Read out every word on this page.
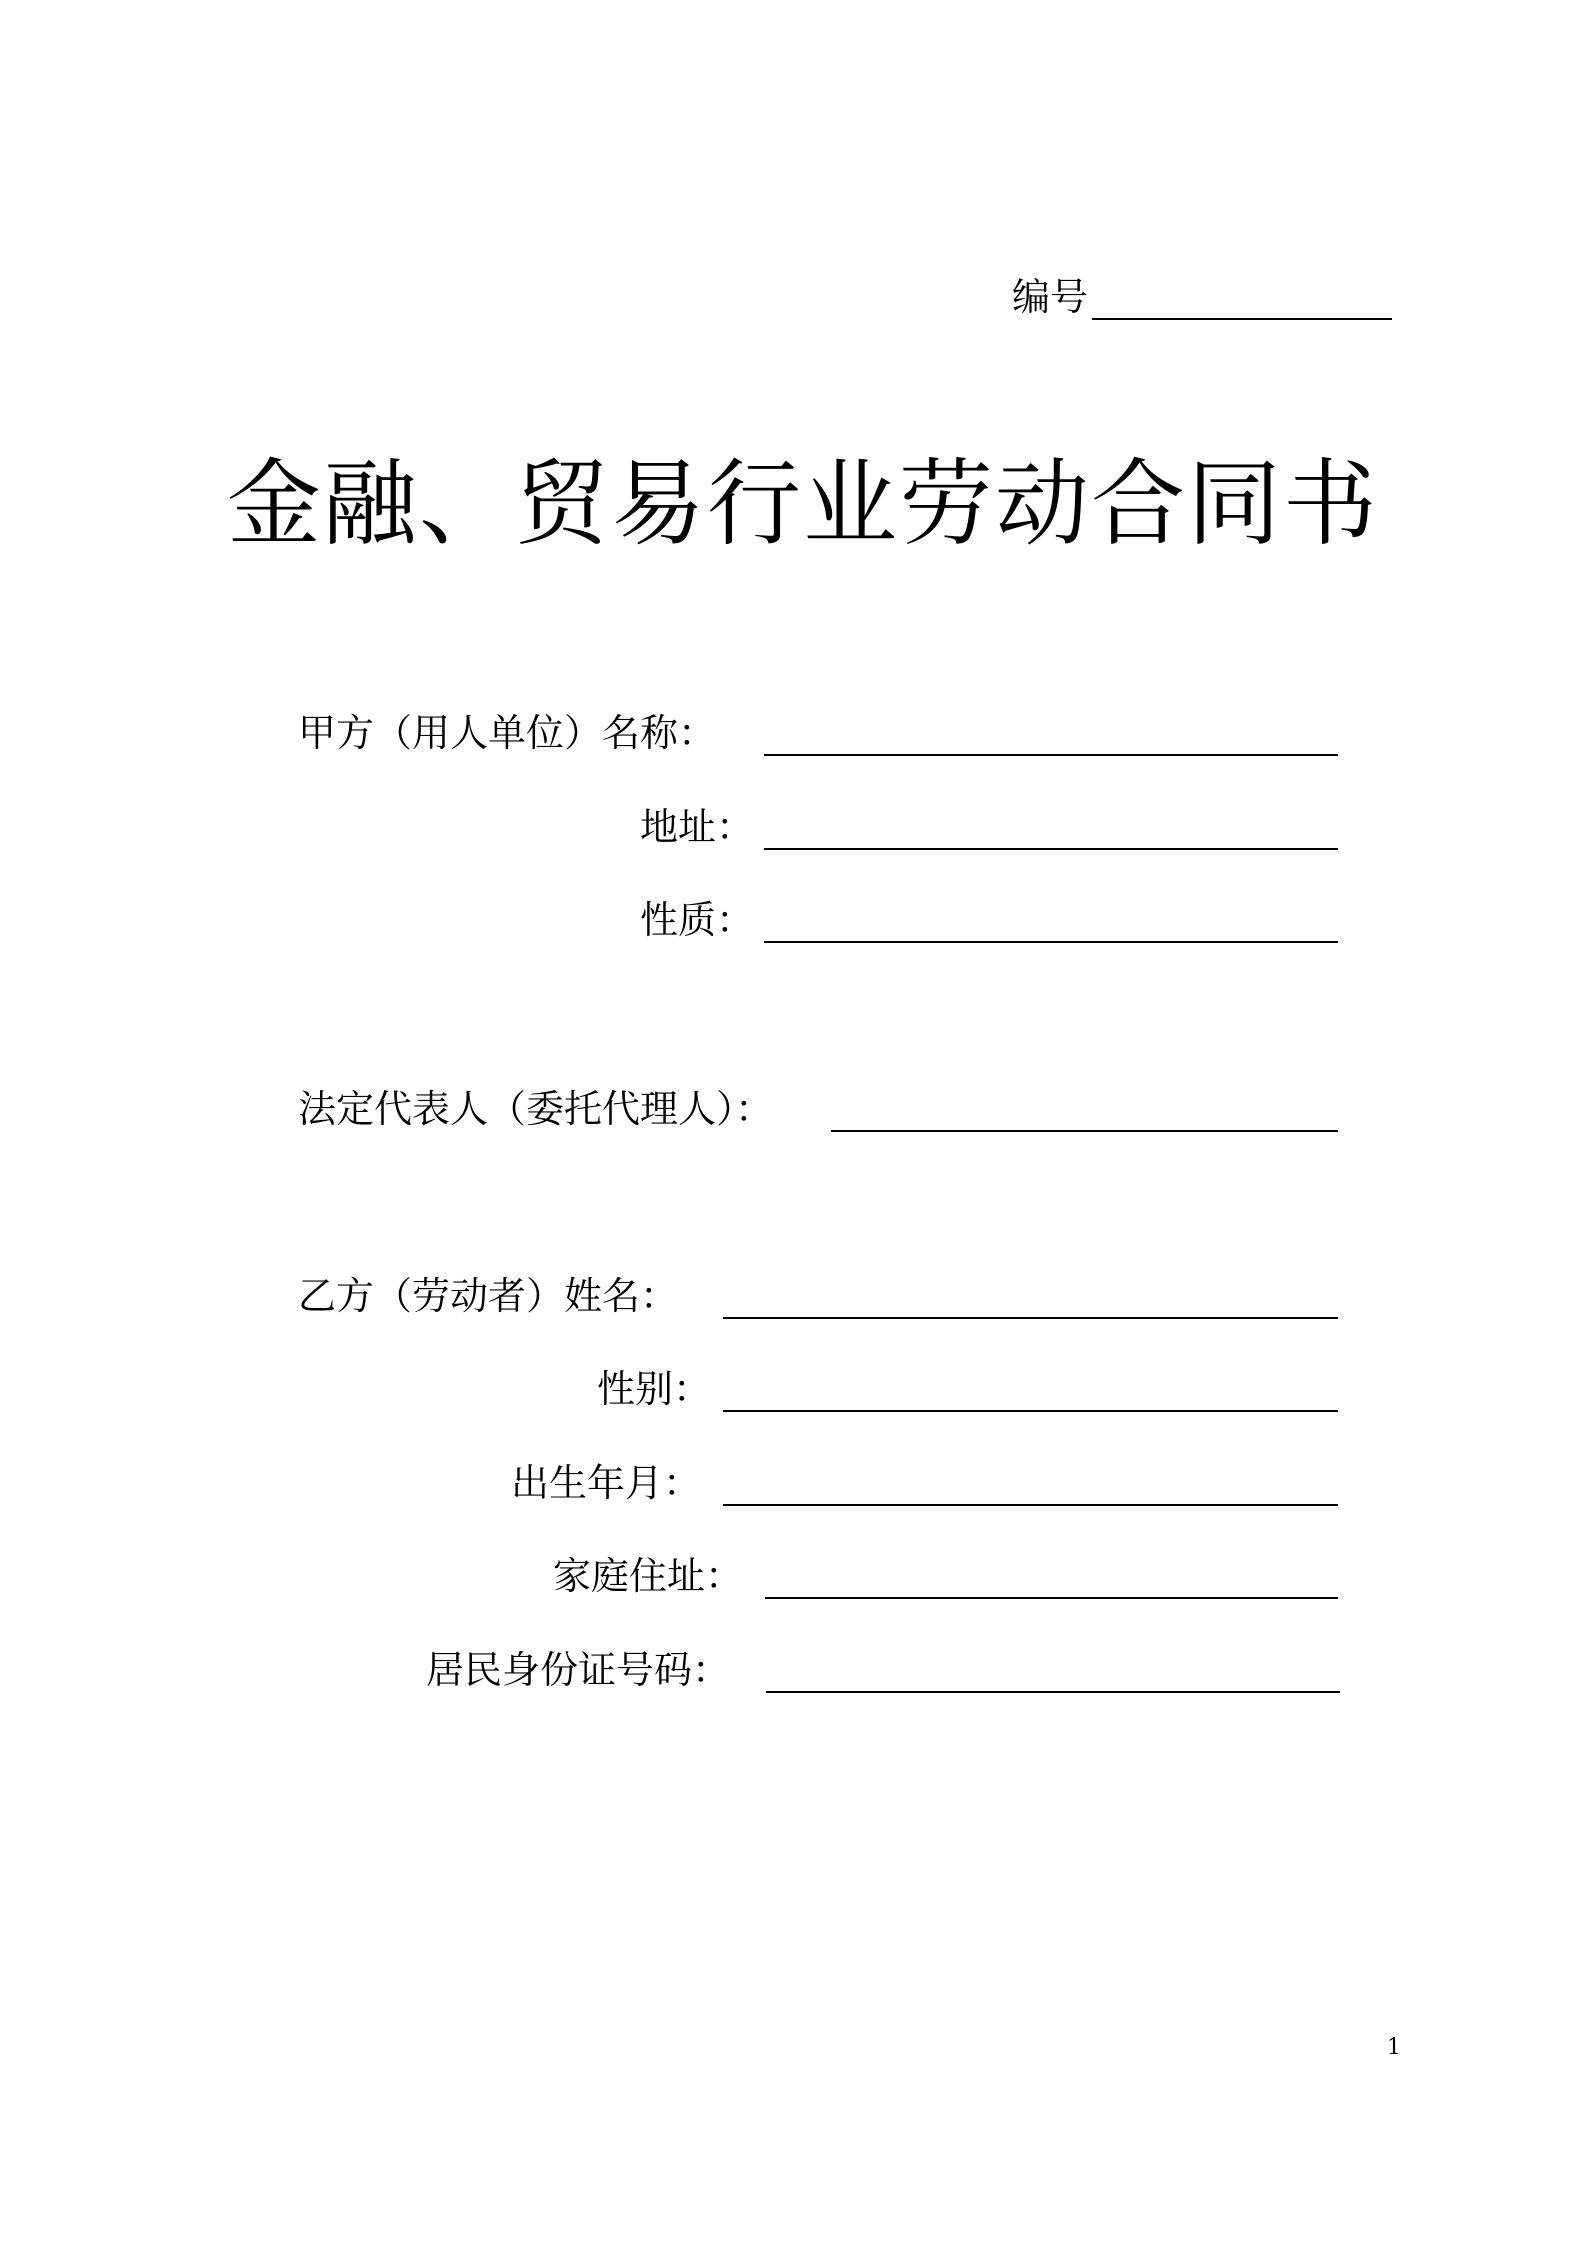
编号
金融、贸易行业劳动合同书
甲方（用人单位）名称：
地址：
性质：
法定代表人（委托代理人）：
乙方（劳动者）姓名：
性别：
出生年月：
家庭住址：
居民身份证号码：
1
